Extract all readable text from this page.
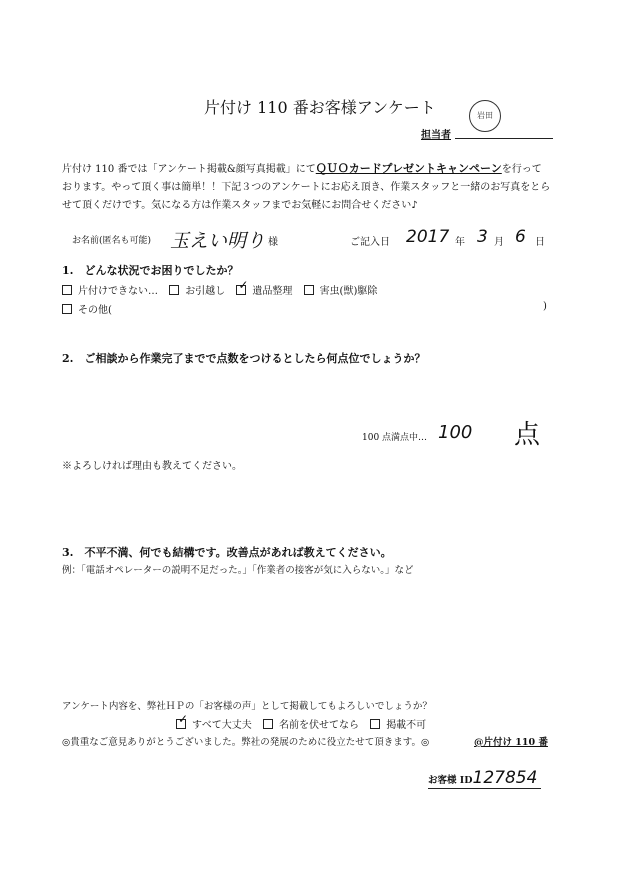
片付け 110 番お客様アンケート	岩田
担当者
片付け 110 番では「アンケート掲載&顔写真掲載」にてＱＵＯカードプレゼントキャンペーンを行って
おります。やって頂く事は簡単！！下記３つのアンケートにお応え頂き、作業スタッフと一緒のお写真をとら
せて頂くだけです。気になる方は作業スタッフまでお気軽にお問合せください♪
お名前(匿名も可能) 玉えい明り 様	ご記入日 2017 年 3 月 6 日
1.　どんな状況でお困りでしたか？
片付けできない…	お引越し ✓	遺品整理	害虫(獣)駆除
その他(	)
2.　ご相談から作業完了までで点数をつけるとしたら何点位でしょうか？
100 点満点中… 100 点
※よろしければ理由も教えてください。
3.　不平不満、何でも結構です。改善点があれば教えてください。
例：「電話オペレーターの説明不足だった。」「作業者の接客が気に入らない。」など
アンケート内容を、弊社ＨＰの「お客様の声」として掲載してもよろしいでしょうか？
✓すべて大丈夫	名前を伏せてなら	掲載不可
◎貴重なご意見ありがとうございました。弊社の発展のために役立たせて頂きます。◎	@片付け 110 番
お客様 ID127854
